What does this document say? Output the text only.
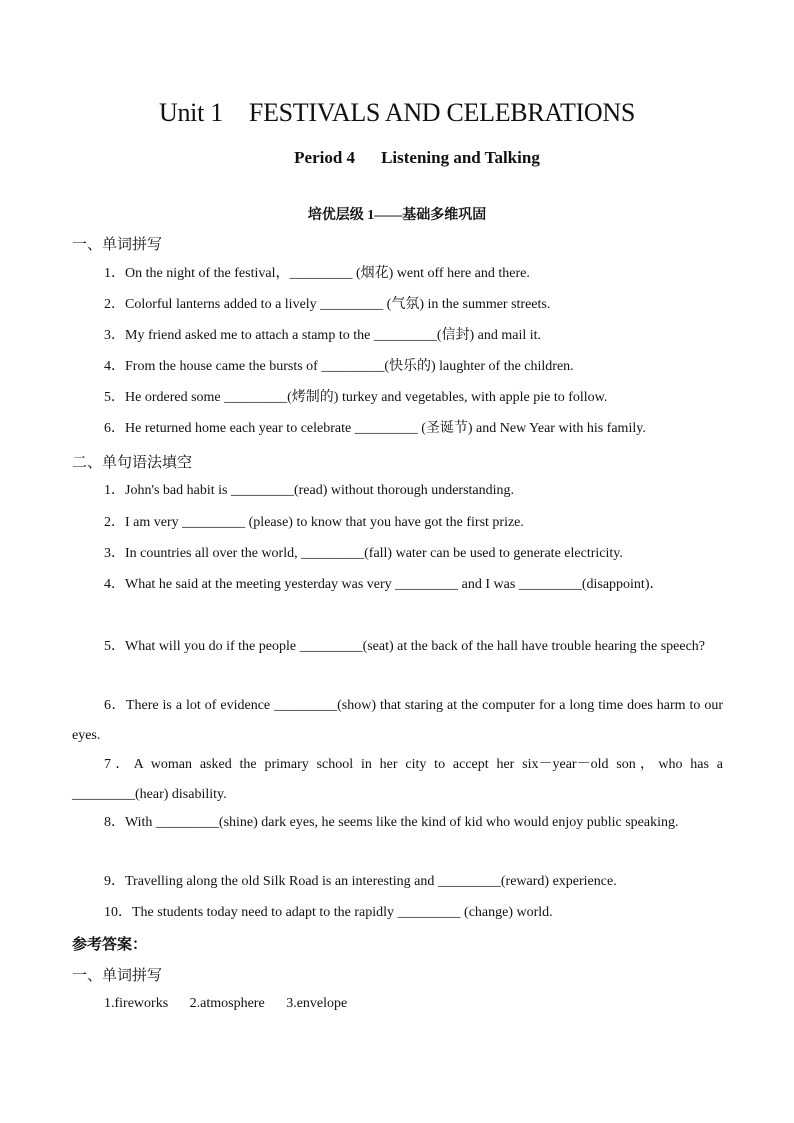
Unit 1 FESTIVALS AND CELEBRATIONS
Period 4 Listening and Talking
培优层级 1——基础多维巩固
一、单词拼写
1．On the night of the festival，_________ (烟花) went off here and there.
2．Colorful lanterns added to a lively _________ (气氛) in the summer streets.
3．My friend asked me to attach a stamp to the _________(信封) and mail it.
4．From the house came the bursts of _________(快乐的) laughter of the children.
5．He ordered some _________(烤制的) turkey and vegetables, with apple pie to follow.
6．He returned home each year to celebrate _________ (圣诞节) and New Year with his family.
二、单句语法填空
1．John's bad habit is _________(read) without thorough understanding.
2．I am very _________ (please) to know that you have got the first prize.
3．In countries all over the world, _________(fall) water can be used to generate electricity.
4．What he said at the meeting yesterday was very _________ and I was _________(disappoint)．
5．What will you do if the people _________(seat) at the back of the hall have trouble hearing the speech?
6．There is a lot of evidence _________(show) that staring at the computer for a long time does harm to our eyes.
7．A woman asked the primary school in her city to accept her six－year－old son，who has a _________(hear) disability.
8．With _________(shine) dark eyes, he seems like the kind of kid who would enjoy public speaking.
9．Travelling along the old Silk Road is an interesting and _________(reward) experience.
10．The students today need to adapt to the rapidly _________ (change) world.
参考答案：
一、单词拼写
1.fireworks 2.atmosphere 3.envelope
